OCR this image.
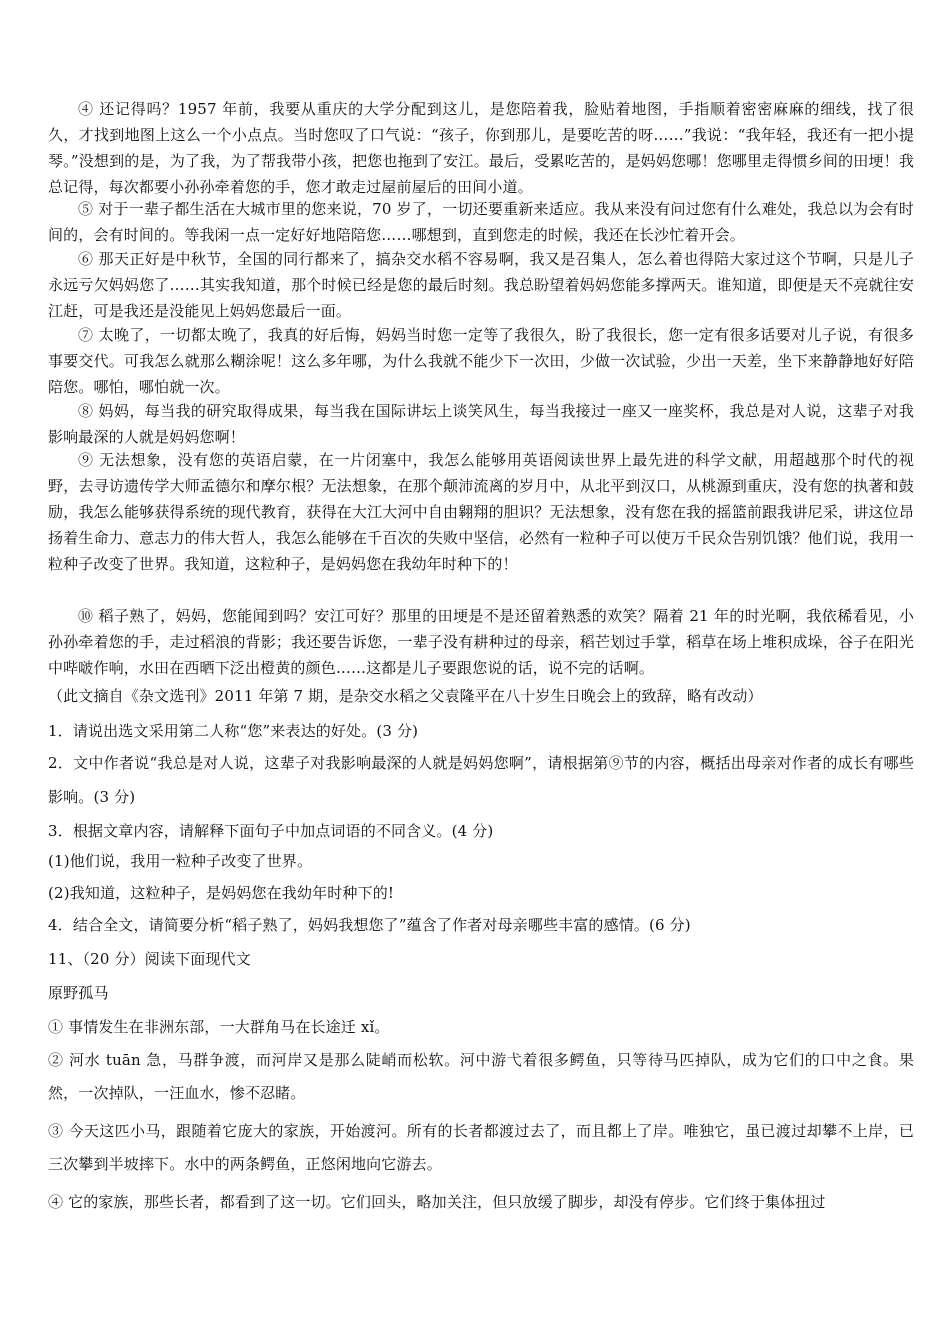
④ 还记得吗？1957 年前，我要从重庆的大学分配到这儿，是您陪着我，脸贴着地图，手指顺着密密麻麻的细线，找了很久，才找到地图上这么一个小点点。当时您叹了口气说：“孩子，你到那儿，是要吃苦的呀……”我说：“我年轻，我还有一把小提琴。”没想到的是，为了我，为了帮我带小孩，把您也拖到了安江。最后，受累吃苦的，是妈妈您哪！您哪里走得惯乡间的田埂！我总记得，每次都要小孙孙牵着您的手，您才敢走过屋前屋后的田间小道。

⑤ 对于一辈子都生活在大城市里的您来说，70 岁了，一切还要重新来适应。我从来没有问过您有什么难处，我总以为会有时间的，会有时间的。等我闲一点一定好好地陪陪您……哪想到，直到您走的时候，我还在长沙忙着开会。

⑥ 那天正好是中秋节，全国的同行都来了，搞杂交水稻不容易啊，我又是召集人，怎么着也得陪大家过这个节啊，只是儿子永远亏欠妈妈您了……其实我知道，那个时候已经是您的最后时刻。我总盼望着妈妈您能多撑两天。谁知道，即便是天不亮就往安江赶，可是我还是没能见上妈妈您最后一面。

⑦ 太晚了，一切都太晚了，我真的好后悔，妈妈当时您一定等了我很久，盼了我很长，您一定有很多话要对儿子说，有很多事要交代。可我怎么就那么糊涂呢！这么多年哪，为什么我就不能少下一次田，少做一次试验，少出一天差，坐下来静静地好好陪陪您。哪怕，哪怕就一次。

⑧ 妈妈，每当我的研究取得成果，每当我在国际讲坛上谈笑风生，每当我接过一座又一座奖杯，我总是对人说，这辈子对我影响最深的人就是妈妈您啊！

⑨ 无法想象，没有您的英语启蒙，在一片闭塞中，我怎么能够用英语阅读世界上最先进的科学文献，用超越那个时代的视野，去寻访遗传学大师孟德尔和摩尔根？无法想象，在那个颠沛流离的岁月中，从北平到汉口，从桃源到重庆，没有您的执著和鼓励，我怎么能够获得系统的现代教育，获得在大江大河中自由翱翔的胆识？无法想象，没有您在我的摇篮前跟我讲尼采，讲这位昂扬着生命力、意志力的伟大哲人，我怎么能够在千百次的失败中坚信，必然有一粒种子可以使万千民众告别饥饿？他们说，我用一粒种子改变了世界。我知道，这粒种子，是妈妈您在我幼年时种下的！

⑩ 稻子熟了，妈妈，您能闻到吗？安江可好？那里的田埂是不是还留着熟悉的欢笑？隔着 21 年的时光啊，我依稀看见，小孙孙牵着您的手，走过稻浪的背影；我还要告诉您，一辈子没有耕种过的母亲，稻芒划过手掌，稻草在场上堆积成垛，谷子在阳光中哔啵作响，水田在西晒下泛出橙黄的颜色……这都是儿子要跟您说的话，说不完的话啊。

（此文摘自《杂文选刊》2011 年第 7 期，是杂交水稻之父袁隆平在八十岁生日晚会上的致辞，略有改动）

1．请说出选文采用第二人称“您”来表达的好处。(3 分)

2．文中作者说“我总是对人说，这辈子对我影响最深的人就是妈妈您啊”，请根据第⑨节的内容，概括出母亲对作者的成长有哪些影响。(3 分)

3．根据文章内容，请解释下面句子中加点词语的不同含义。(4 分)

(1)他们说，我用一粒种子改变了世界。

(2)我知道，这粒种子，是妈妈您在我幼年时种下的!

4．结合全文，请简要分析“稻子熟了，妈妈我想您了”蕴含了作者对母亲哪些丰富的感情。(6 分)

11、（20 分）阅读下面现代文

原野孤马

① 事情发生在非洲东部，一大群角马在长途迁 xǐ。

② 河水 tuān 急，马群争渡，而河岸又是那么陡峭而松软。河中游弋着很多鳄鱼，只等待马匹掉队，成为它们的口中之食。果然，一次掉队，一汪血水，惨不忍睹。

③ 今天这匹小马，跟随着它庞大的家族，开始渡河。所有的长者都渡过去了，而且都上了岸。唯独它，虽已渡过却攀不上岸，已三次攀到半坡摔下。水中的两条鳄鱼，正悠闲地向它游去。

④ 它的家族，那些长者，都看到了这一切。它们回头，略加关注，但只放缓了脚步，却没有停步。它们终于集体扭过
